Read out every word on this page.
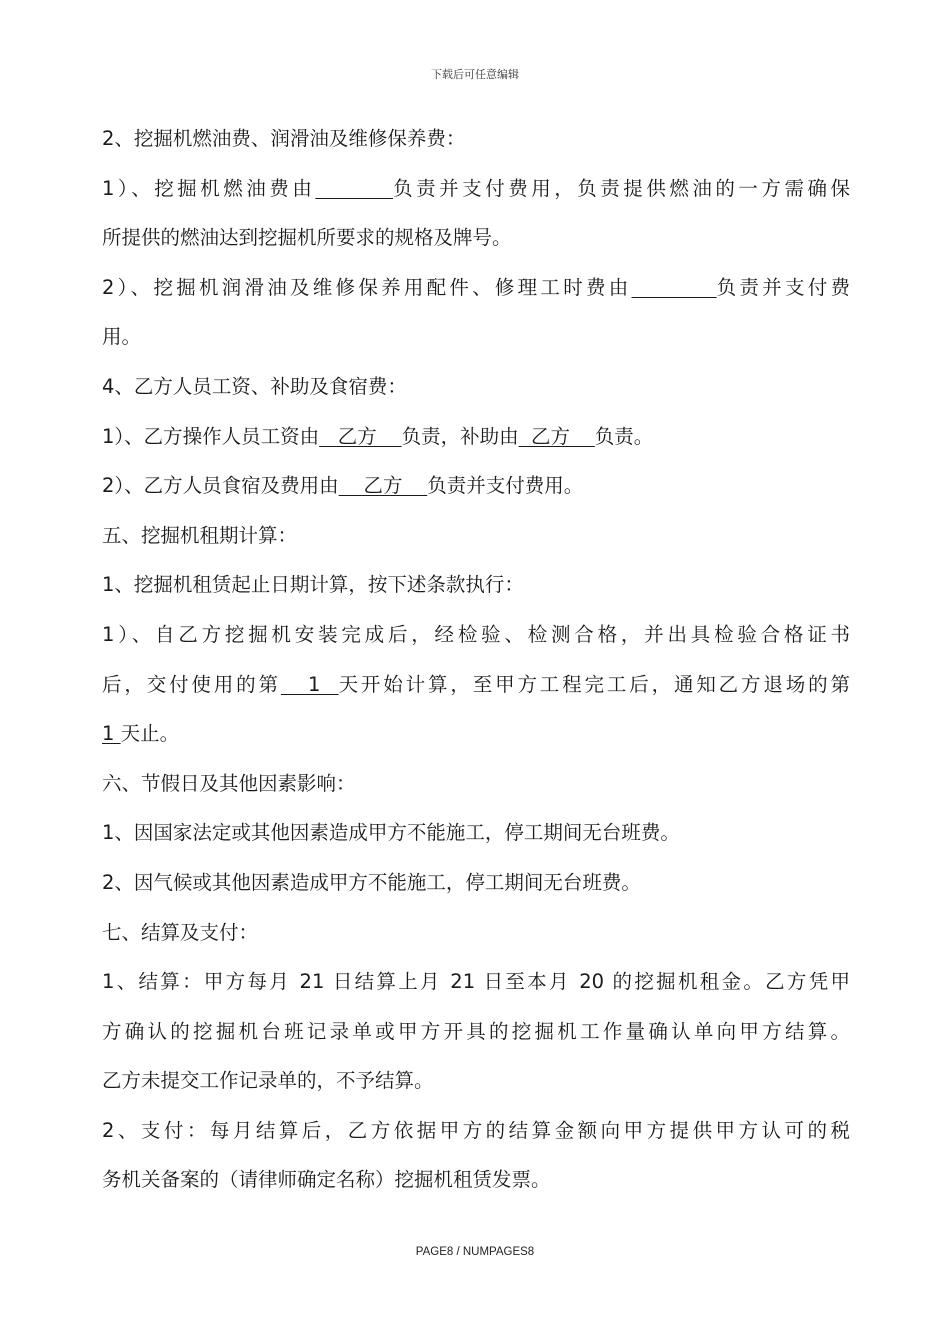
下载后可任意编辑
2、挖掘机燃油费、润滑油及维修保养费：
1）、挖掘机燃油费由	负责并支付费用，负责提供燃油的一方需确保
所提供的燃油达到挖掘机所要求的规格及牌号。
2）、挖掘机润滑油及维修保养用配件、修理工时费由	负责并支付费
用。
4、乙方人员工资、补助及食宿费：
1）、乙方操作人员工资由   乙方    负责，补助由  乙方    负责。
2）、乙方人员食宿及费用由    乙方    负责并支付费用。
五、挖掘机租期计算：
1、挖掘机租赁起止日期计算，按下述条款执行：
1）、自乙方挖掘机安装完成后，经检验、检测合格，并出具检验合格证书
后，交付使用的第   1  天开始计算，至甲方工程完工后，通知乙方退场的第
1 天止。
六、节假日及其他因素影响：
1、因国家法定或其他因素造成甲方不能施工，停工期间无台班费。
2、因气候或其他因素造成甲方不能施工，停工期间无台班费。
七、结算及支付：
1、结算：甲方每月 21 日结算上月 21 日至本月 20 的挖掘机租金。乙方凭甲
方确认的挖掘机台班记录单或甲方开具的挖掘机工作量确认单向甲方结算。
乙方未提交工作记录单的，不予结算。
2、支付：每月结算后，乙方依据甲方的结算金额向甲方提供甲方认可的税
务机关备案的（请律师确定名称）挖掘机租赁发票。
PAGE8 / NUMPAGES8
